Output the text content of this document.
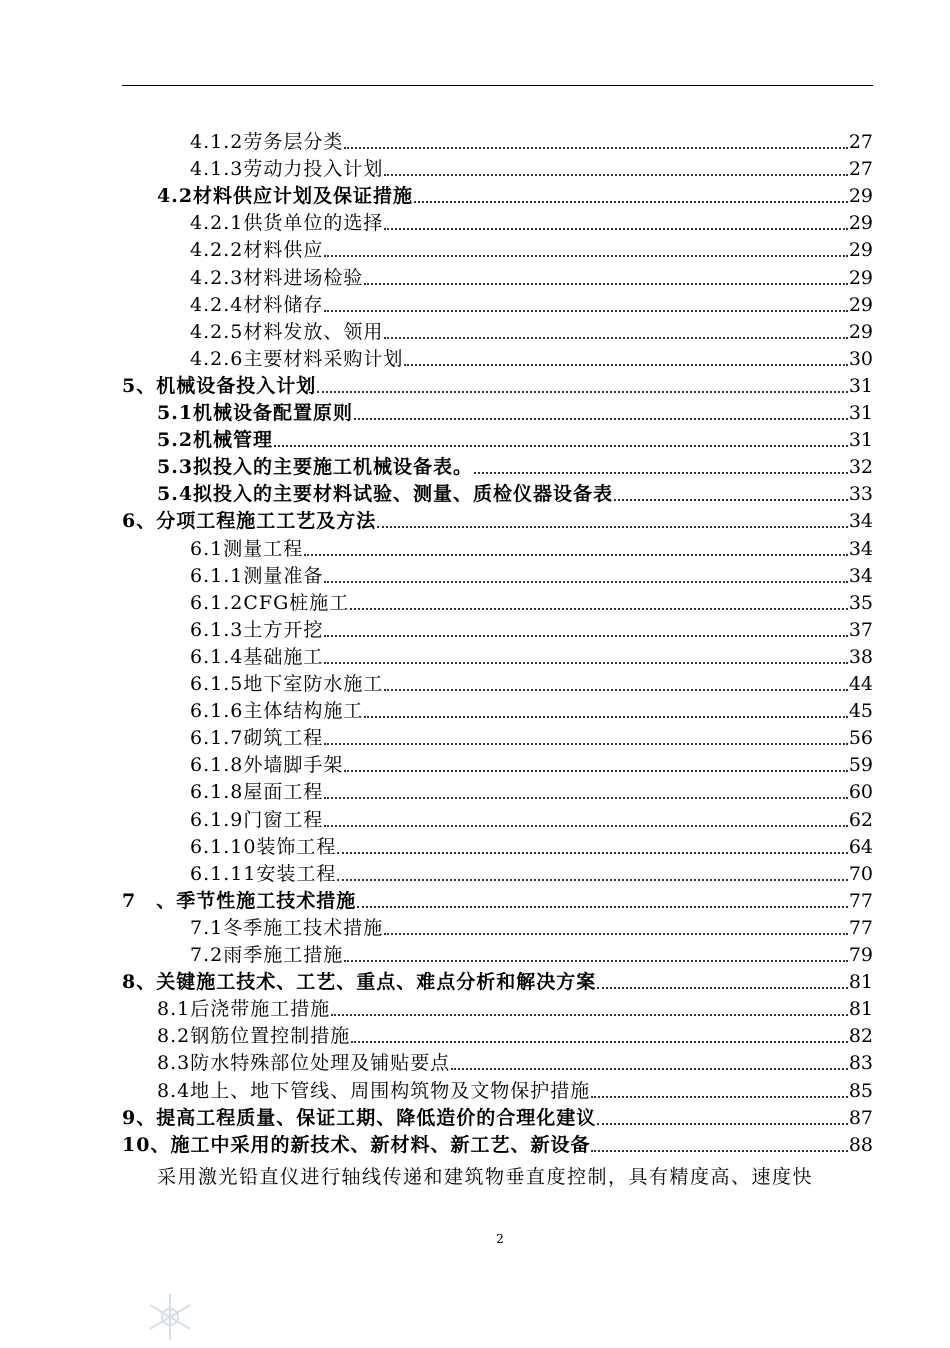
4.1.2劳务层分类	27
4.1.3劳动力投入计划	27
4.2材料供应计划及保证措施	29
4.2.1供货单位的选择	29
4.2.2材料供应	29
4.2.3材料进场检验	29
4.2.4材料储存	29
4.2.5材料发放、领用	29
4.2.6主要材料采购计划	30
5、机械设备投入计划	31
5.1机械设备配置原则	31
5.2机械管理	31
5.3拟投入的主要施工机械设备表。	32
5.4拟投入的主要材料试验、测量、质检仪器设备表	33
6、分项工程施工工艺及方法	34
6.1测量工程	34
6.1.1测量准备	34
6.1.2CFG桩施工	35
6.1.3土方开挖	37
6.1.4基础施工	38
6.1.5地下室防水施工	44
6.1.6主体结构施工	45
6.1.7砌筑工程	56
6.1.8外墙脚手架	59
6.1.8屋面工程	60
6.1.9门窗工程	62
6.1.10装饰工程	64
6.1.11安装工程	70
7　、季节性施工技术措施	77
7.1冬季施工技术措施	77
7.2雨季施工措施	79
8、关键施工技术、工艺、重点、难点分析和解决方案	81
8.1后浇带施工措施	81
8.2钢筋位置控制措施	82
8.3防水特殊部位处理及铺贴要点	83
8.4地上、地下管线、周围构筑物及文物保护措施	85
9、提高工程质量、保证工期、降低造价的合理化建议	87
10、施工中采用的新技术、新材料、新工艺、新设备	88
采用激光铅直仪进行轴线传递和建筑物垂直度控制，具有精度高、速度快
2
